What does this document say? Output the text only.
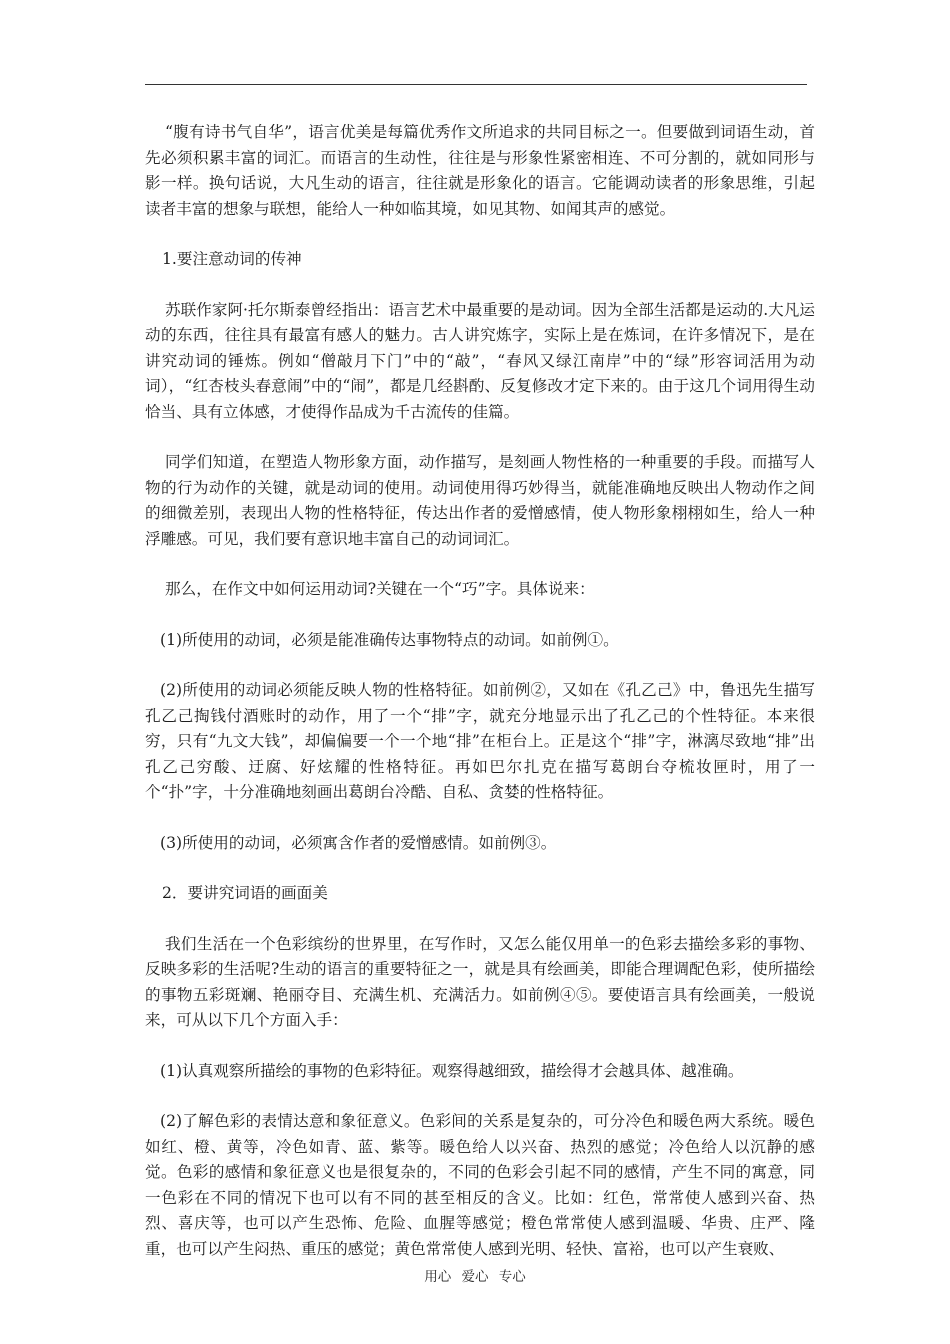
“腹有诗书气自华”，语言优美是每篇优秀作文所追求的共同目标之一。但要做到词语生动，首先必须积累丰富的词汇。而语言的生动性，往往是与形象性紧密相连、不可分割的，就如同形与影一样。换句话说，大凡生动的语言，往往就是形象化的语言。它能调动读者的形象思维，引起读者丰富的想象与联想，能给人一种如临其境，如见其物、如闻其声的感觉。

1.要注意动词的传神

苏联作家阿·托尔斯泰曾经指出：语言艺术中最重要的是动词。因为全部生活都是运动的.大凡运动的东西，往往具有最富有感人的魅力。古人讲究炼字，实际上是在炼词，在许多情况下，是在讲究动词的锤炼。例如“僧敲月下门”中的“敲”，“春风又绿江南岸”中的“绿”形容词活用为动词），“红杏枝头春意闹”中的“闹”，都是几经斟酌、反复修改才定下来的。由于这几个词用得生动恰当、具有立体感，才使得作品成为千古流传的佳篇。

同学们知道，在塑造人物形象方面，动作描写，是刻画人物性格的一种重要的手段。而描写人物的行为动作的关键，就是动词的使用。动词使用得巧妙得当，就能准确地反映出人物动作之间的细微差别，表现出人物的性格特征，传达出作者的爱憎感情，使人物形象栩栩如生，给人一种浮雕感。可见，我们要有意识地丰富自己的动词词汇。

那么，在作文中如何运用动词?关键在一个“巧”字。具体说来：

(1)所使用的动词，必须是能准确传达事物特点的动词。如前例①。

(2)所使用的动词必须能反映人物的性格特征。如前例②，又如在《孔乙己》中，鲁迅先生描写孔乙己掏钱付酒账时的动作，用了一个“排”字，就充分地显示出了孔乙己的个性特征。本来很穷，只有“九文大钱”，却偏偏要一个一个地“排”在柜台上。正是这个“排”字，淋漓尽致地“排”出孔乙己穷酸、迂腐、好炫耀的性格特征。再如巴尔扎克在描写葛朗台夺梳妆匣时，用了一个“扑”字，十分准确地刻画出葛朗台冷酷、自私、贪婪的性格特征。

(3)所使用的动词，必须寓含作者的爱憎感情。如前例③。

2．要讲究词语的画面美

我们生活在一个色彩缤纷的世界里，在写作时，又怎么能仅用单一的色彩去描绘多彩的事物、反映多彩的生活呢?生动的语言的重要特征之一，就是具有绘画美，即能合理调配色彩，使所描绘的事物五彩斑斓、艳丽夺目、充满生机、充满活力。如前例④⑤。要使语言具有绘画美，一般说来，可从以下几个方面入手：

(1)认真观察所描绘的事物的色彩特征。观察得越细致，描绘得才会越具体、越准确。

(2)了解色彩的表情达意和象征意义。色彩间的关系是复杂的，可分冷色和暖色两大系统。暖色如红、橙、黄等，冷色如青、蓝、紫等。暖色给人以兴奋、热烈的感觉；冷色给人以沉静的感觉。色彩的感情和象征意义也是很复杂的，不同的色彩会引起不同的感情，产生不同的寓意，同一色彩在不同的情况下也可以有不同的甚至相反的含义。比如：红色，常常使人感到兴奋、热烈、喜庆等，也可以产生恐怖、危险、血腥等感觉；橙色常常使人感到温暖、华贵、庄严、隆重，也可以产生闷热、重压的感觉；黄色常常使人感到光明、轻快、富裕，也可以产生衰败、

用心 爱心 专心
